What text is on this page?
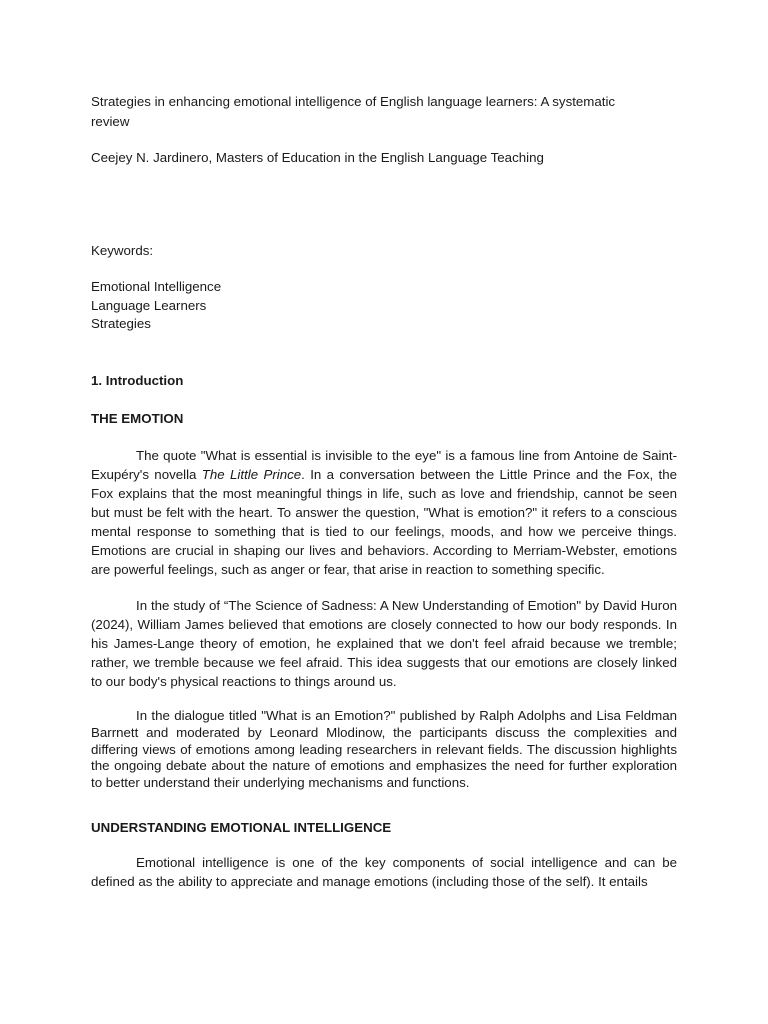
Strategies in enhancing emotional intelligence of English language learners: A systematic review

Ceejey N. Jardinero, Masters of Education in the English Language Teaching

Keywords:

Emotional Intelligence
Language Learners
Strategies

1. Introduction

THE EMOTION

The quote "What is essential is invisible to the eye" is a famous line from Antoine de Saint-Exupéry's novella The Little Prince. In a conversation between the Little Prince and the Fox, the Fox explains that the most meaningful things in life, such as love and friendship, cannot be seen but must be felt with the heart. To answer the question, "What is emotion?" it refers to a conscious mental response to something that is tied to our feelings, moods, and how we perceive things. Emotions are crucial in shaping our lives and behaviors. According to Merriam-Webster, emotions are powerful feelings, such as anger or fear, that arise in reaction to something specific.

In the study of “The Science of Sadness: A New Understanding of Emotion" by David Huron (2024), William James believed that emotions are closely connected to how our body responds. In his James-Lange theory of emotion, he explained that we don't feel afraid because we tremble; rather, we tremble because we feel afraid. This idea suggests that our emotions are closely linked to our body's physical reactions to things around us.

In the dialogue titled "What is an Emotion?" published by Ralph Adolphs and Lisa Feldman Barrnett and moderated by Leonard Mlodinow, the participants discuss the complexities and differing views of emotions among leading researchers in relevant fields. The discussion highlights the ongoing debate about the nature of emotions and emphasizes the need for further exploration to better understand their underlying mechanisms and functions.

UNDERSTANDING EMOTIONAL INTELLIGENCE

Emotional intelligence is one of the key components of social intelligence and can be defined as the ability to appreciate and manage emotions (including those of the self). It entails
